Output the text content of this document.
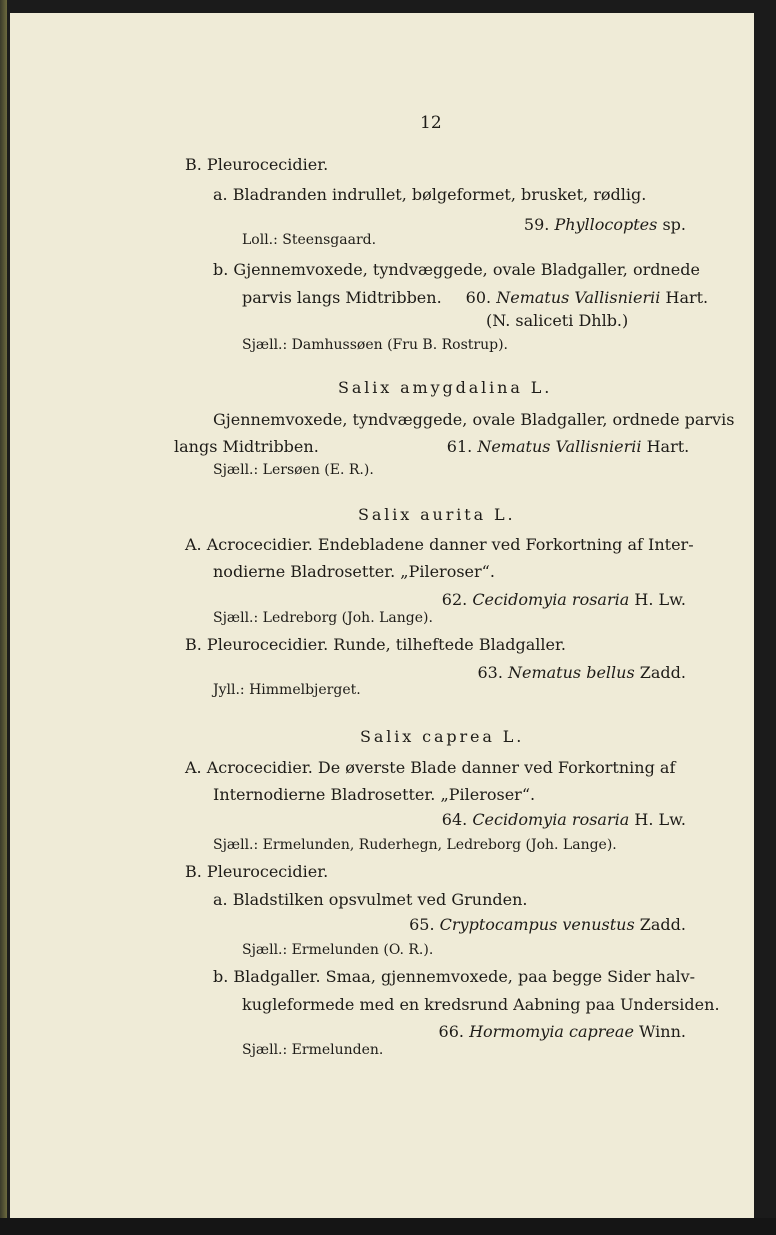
12
B. Pleurocecidier.
a. Bladranden indrullet, bølgeformet, brusket, rødlig.
59. Phyllocoptes sp.
Loll.: Steensgaard.
b. Gjennemvoxede, tyndvæggede, ovale Bladgaller, ordnede
parvis langs Midtribben. 60. Nematus Vallisnierii Hart.
(N. saliceti Dhlb.)
Sjæll.: Damhussøen (Fru B. Rostrup).
Salix amygdalina L.
Gjennemvoxede, tyndvæggede, ovale Bladgaller, ordnede parvis
langs Midtribben.	61. Nematus Vallisnierii Hart.
Sjæll.: Lersøen (E. R.).
Salix aurita L.
A. Acrocecidier. Endebladene danner ved Forkortning af Inter-
nodierne Bladrosetter. „Pileroser“.
62. Cecidomyia rosaria H. Lw.
Sjæll.: Ledreborg (Joh. Lange).
B. Pleurocecidier. Runde, tilheftede Bladgaller.
63. Nematus bellus Zadd.
Jyll.: Himmelbjerget.
Salix caprea L.
A. Acrocecidier. De øverste Blade danner ved Forkortning af
Internodierne Bladrosetter. „Pileroser“.
64. Cecidomyia rosaria H. Lw.
Sjæll.: Ermelunden, Ruderhegn, Ledreborg (Joh. Lange).
B. Pleurocecidier.
a. Bladstilken opsvulmet ved Grunden.
65. Cryptocampus venustus Zadd.
Sjæll.: Ermelunden (O. R.).
b. Bladgaller. Smaa, gjennemvoxede, paa begge Sider halv-
kugleformede med en kredsrund Aabning paa Undersiden.
66. Hormomyia capreae Winn.
Sjæll.: Ermelunden.
